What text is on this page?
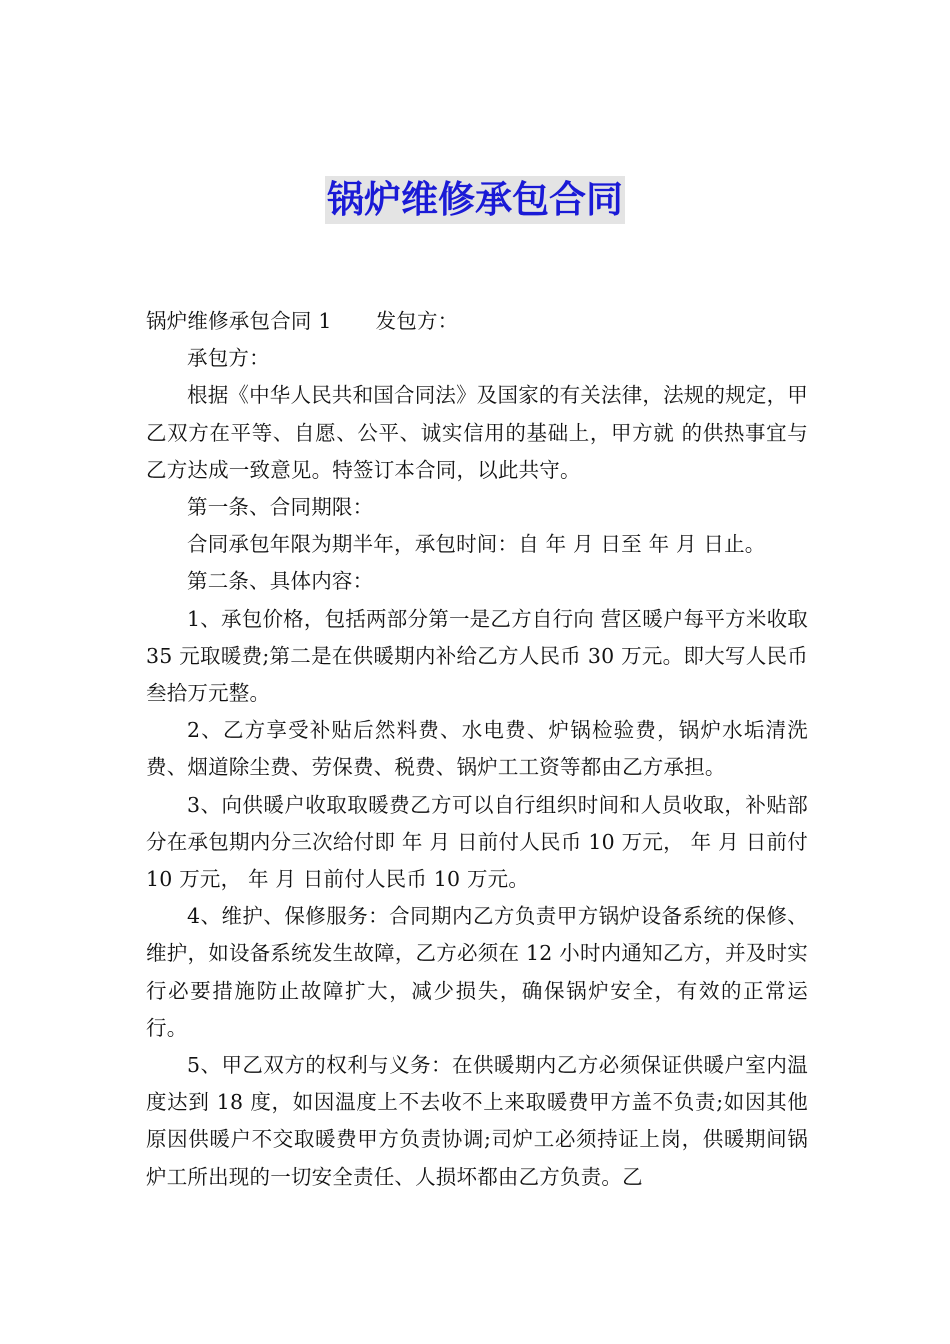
锅炉维修承包合同

锅炉维修承包合同 1 发包方：

承包方：

根据《中华人民共和国合同法》及国家的有关法律，法规的规定，甲乙双方在平等、自愿、公平、诚实信用的基础上，甲方就 的供热事宜与乙方达成一致意见。特签订本合同，以此共守。

第一条、合同期限：

合同承包年限为期半年，承包时间：自 年 月 日至 年 月 日止。

第二条、具体内容：

1、承包价格，包括两部分第一是乙方自行向 营区暖户每平方米收取 35 元取暖费;第二是在供暖期内补给乙方人民币 30 万元。即大写人民币叁拾万元整。

2、乙方享受补贴后然料费、水电费、炉锅检验费，锅炉水垢清洗费、烟道除尘费、劳保费、税费、锅炉工工资等都由乙方承担。

3、向供暖户收取取暖费乙方可以自行组织时间和人员收取，补贴部分在承包期内分三次给付即 年 月 日前付人民币 10 万元， 年 月 日前付 10 万元， 年 月 日前付人民币 10 万元。

4、维护、保修服务：合同期内乙方负责甲方锅炉设备系统的保修、维护，如设备系统发生故障，乙方必须在 12 小时内通知乙方，并及时实行必要措施防止故障扩大，减少损失，确保锅炉安全，有效的正常运行。

5、甲乙双方的权利与义务：在供暖期内乙方必须保证供暖户室内温度达到 18 度，如因温度上不去收不上来取暖费甲方盖不负责;如因其他原因供暖户不交取暖费甲方负责协调;司炉工必须持证上岗，供暖期间锅炉工所出现的一切安全责任、人损坏都由乙方负责。乙
